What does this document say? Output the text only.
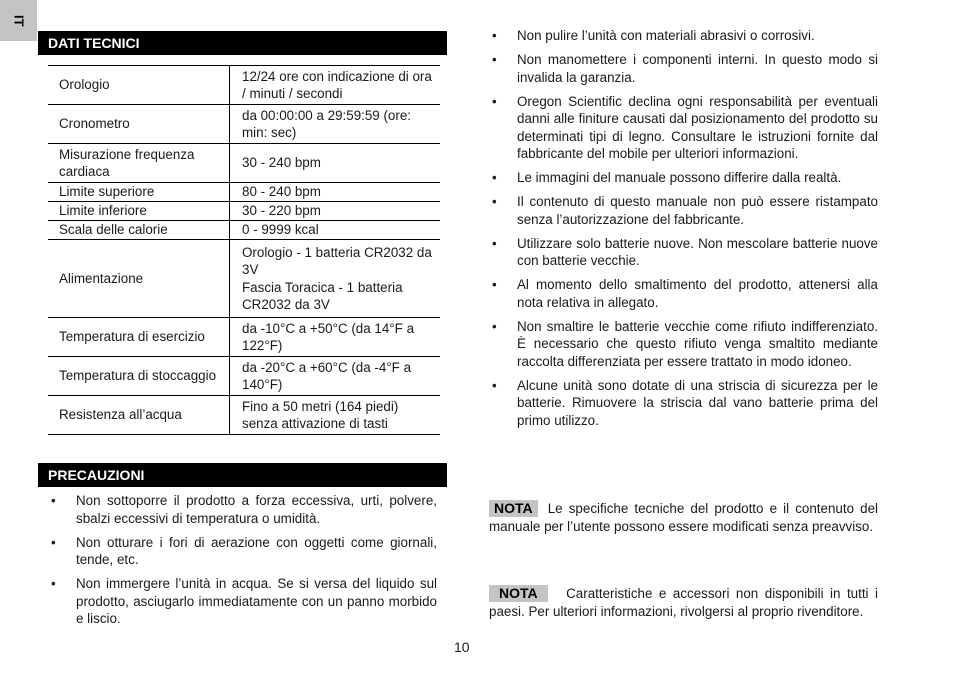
IT
DATI TECNICI
Orologio	12/24 ore con indicazione di ora / minuti / secondi
Cronometro	da 00:00:00 a 29:59:59 (ore: min: sec)
Misurazione frequenza cardiaca	30 - 240 bpm
Limite superiore	80 - 240 bpm
Limite inferiore	30 - 220 bpm
Scala delle calorie	0 - 9999 kcal
Alimentazione	Orologio - 1 batteria CR2032 da 3V
Fascia Toracica - 1 batteria CR2032 da 3V
Temperatura di esercizio	da -10°C a +50°C (da 14°F a 122°F)
Temperatura di stoccaggio	da -20°C a +60°C (da -4°F a 140°F)
Resistenza all’acqua	Fino a 50 metri (164 piedi) senza attivazione di tasti
PRECAUZIONI
• Non sottoporre il prodotto a forza eccessiva, urti, polvere, sbalzi eccessivi di temperatura o umidità.
• Non otturare i fori di aerazione con oggetti come giornali, tende, etc.
• Non immergere l’unità in acqua. Se si versa del liquido sul prodotto, asciugarlo immediatamente con un panno morbido e liscio.
• Non pulire l’unità con materiali abrasivi o corrosivi.
• Non manomettere i componenti interni. In questo modo si invalida la garanzia.
• Oregon Scientific declina ogni responsabilità per eventuali danni alle finiture causati dal posizionamento del prodotto su determinati tipi di legno. Consultare le istruzioni fornite dal fabbricante del mobile per ulteriori informazioni.
• Le immagini del manuale possono differire dalla realtà.
• Il contenuto di questo manuale non può essere ristampato senza l’autorizzazione del fabbricante.
• Utilizzare solo batterie nuove. Non mescolare batterie nuove con batterie vecchie.
• Al momento dello smaltimento del prodotto, attenersi alla nota relativa in allegato.
• Non smaltire le batterie vecchie come rifiuto indifferenziato. È necessario che questo rifiuto venga smaltito mediante raccolta differenziata per essere trattato in modo idoneo.
• Alcune unità sono dotate di una striscia di sicurezza per le batterie. Rimuovere la striscia dal vano batterie prima del primo utilizzo.
NOTA Le specifiche tecniche del prodotto e il contenuto del manuale per l’utente possono essere modificati senza preavviso.
NOTA Caratteristiche e accessori non disponibili in tutti i paesi. Per ulteriori informazioni, rivolgersi al proprio rivenditore.
10
